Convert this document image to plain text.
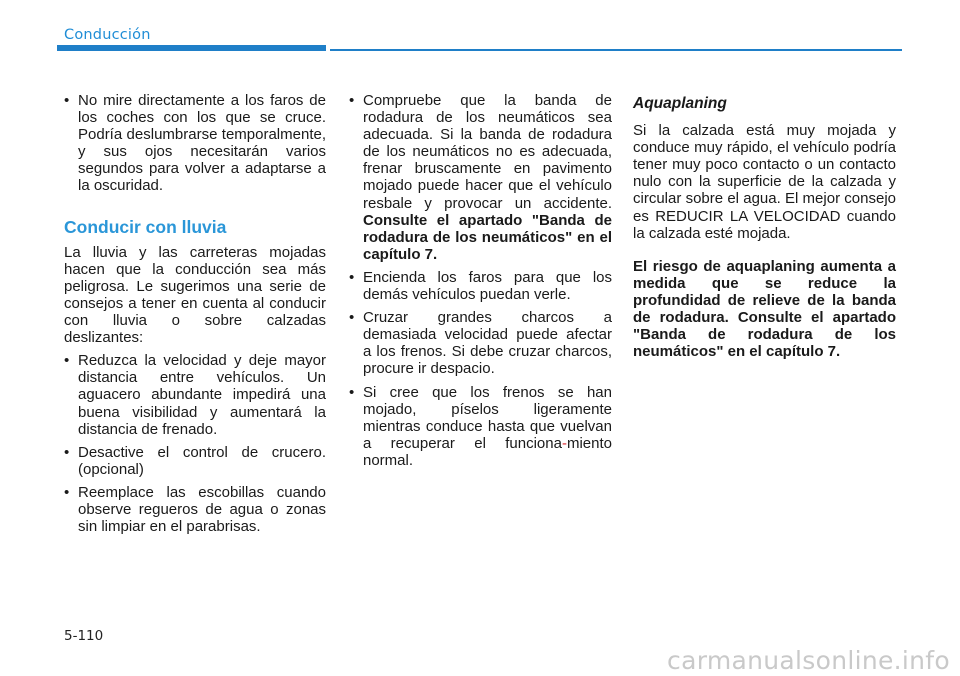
Conducción
• No mire directamente a los faros de los coches con los que se cruce. Podría deslumbrarse temporalmente, y sus ojos necesitarán varios segundos para volver a adaptarse a la oscuridad.
Conducir con lluvia

La lluvia y las carreteras mojadas hacen que la conducción sea más peligrosa. Le sugerimos una serie de consejos a tener en cuenta al conducir con lluvia o sobre calzadas deslizantes:

• Reduzca la velocidad y deje mayor distancia entre vehículos. Un aguacero abundante impedirá una buena visibilidad y aumentará la distancia de frenado.
• Desactive el control de crucero. (opcional)
• Reemplace las escobillas cuando observe regueros de agua o zonas sin limpiar en el parabrisas.
• Compruebe que la banda de rodadura de los neumáticos sea adecuada. Si la banda de rodadura de los neumáticos no es adecuada, frenar bruscamente en pavimento mojado puede hacer que el vehículo resbale y provocar un accidente. Consulte el apartado "Banda de rodadura de los neumáticos" en el capítulo 7.
• Encienda los faros para que los demás vehículos puedan verle.
• Cruzar grandes charcos a demasiada velocidad puede afectar a los frenos. Si debe cruzar charcos, procure ir despacio.
• Si cree que los frenos se han mojado, píselos ligeramente mientras conduce hasta que vuelvan a recuperar el funciona-miento normal.
Aquaplaning

Si la calzada está muy mojada y conduce muy rápido, el vehículo podría tener muy poco contacto o un contacto nulo con la superficie de la calzada y circular sobre el agua. El mejor consejo es REDUCIR LA VELOCIDAD cuando la calzada esté mojada.

El riesgo de aquaplaning aumenta a medida que se reduce la profundidad de relieve de la banda de rodadura. Consulte el apartado "Banda de rodadura de los neumáticos" en el capítulo 7.

5-110
carmanualsonline.info
